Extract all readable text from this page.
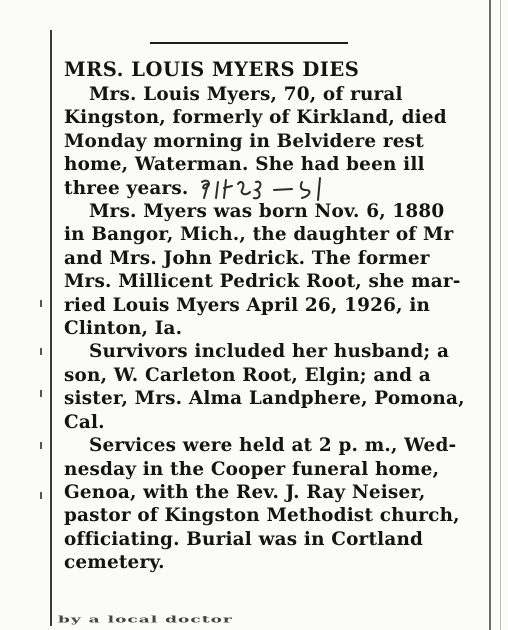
MRS. LOUIS MYERS DIES

Mrs. Louis Myers, 70, of rural
Kingston, formerly of Kirkland, died
Monday morning in Belvidere rest
home, Waterman. She had been ill
three years.

Mrs. Myers was born Nov. 6, 1880
in Bangor, Mich., the daughter of Mr
and Mrs. John Pedrick. The former
Mrs. Millicent Pedrick Root, she mar-
ried Louis Myers April 26, 1926, in
Clinton, Ia.

Survivors included her husband; a
son, W. Carleton Root, Elgin; and a
sister, Mrs. Alma Landphere, Pomona,
Cal.

Services were held at 2 p. m., Wed-
nesday in the Cooper funeral home,
Genoa, with the Rev. J. Ray Neiser,
pastor of Kingston Methodist church,
officiating. Burial was in Cortland
cemetery.

by a local doctor
